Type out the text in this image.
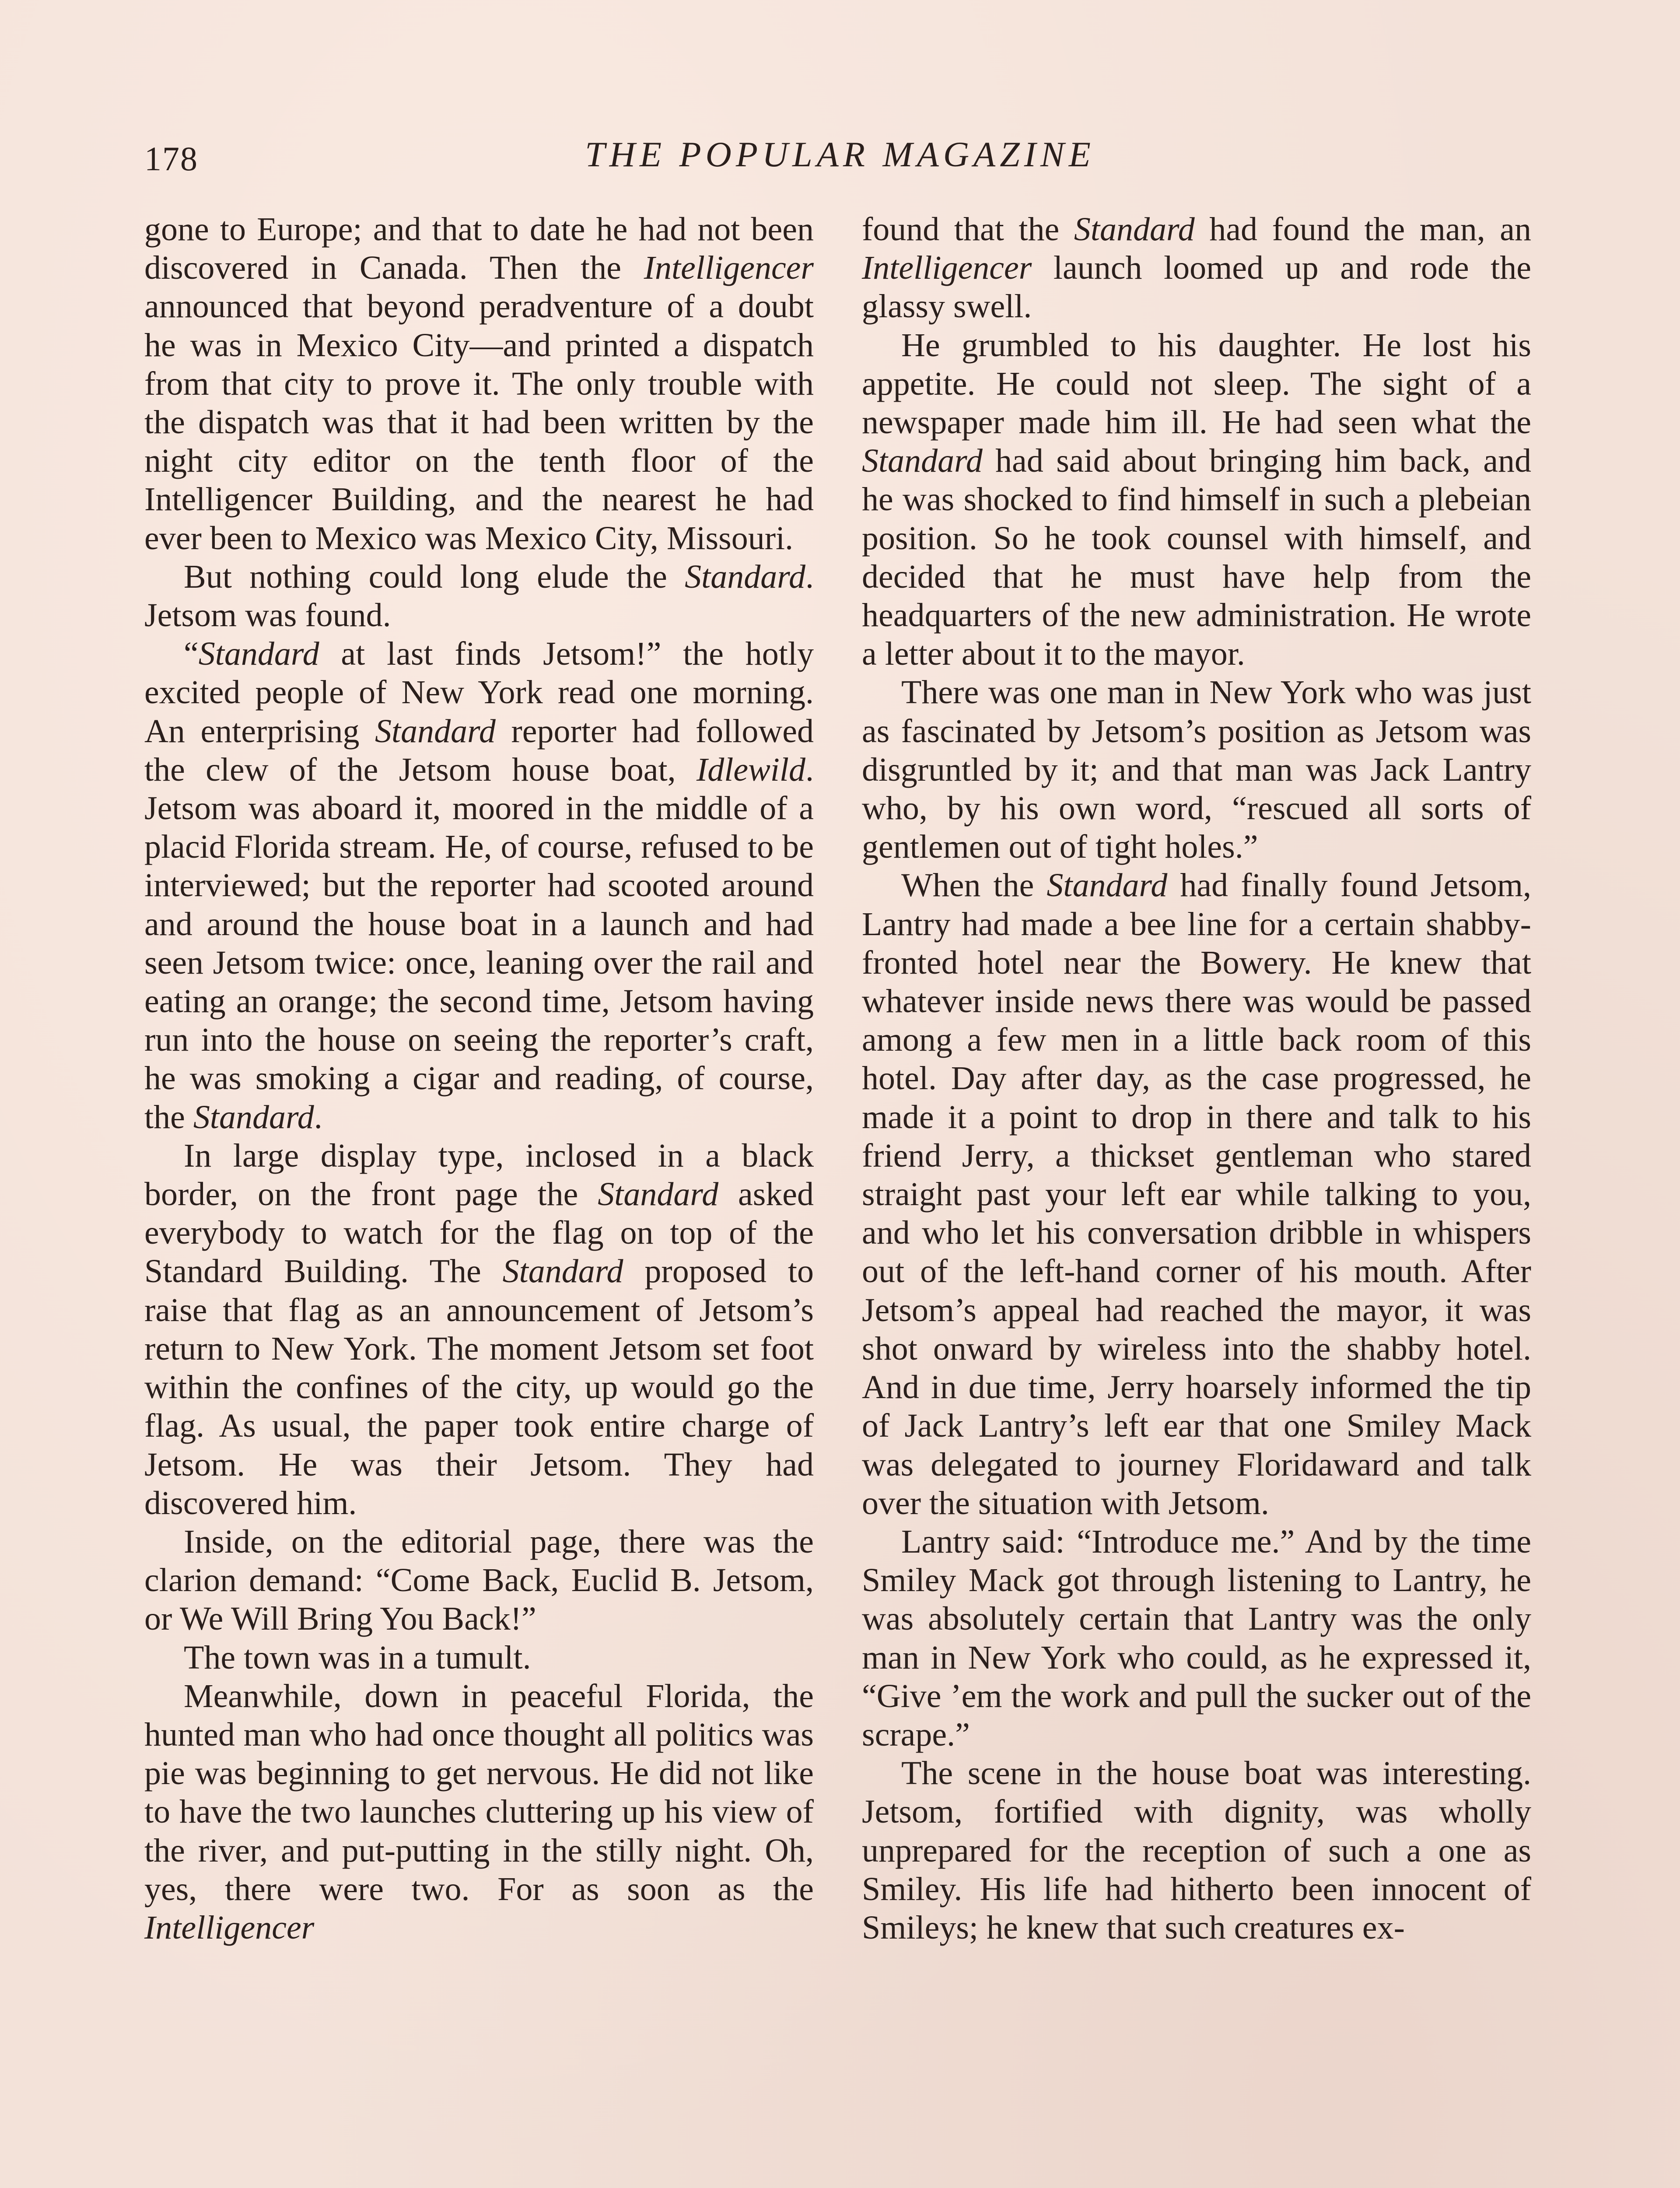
178	THE POPULAR MAGAZINE

gone to Europe; and that to date he had not been discovered in Canada. Then the Intelligencer announced that beyond peradventure of a doubt he was in Mexico City—and printed a dispatch from that city to prove it. The only trouble with the dispatch was that it had been written by the night city editor on the tenth floor of the Intelligencer Building, and the nearest he had ever been to Mexico was Mexico City, Missouri.

But nothing could long elude the Standard. Jetsom was found.

“Standard at last finds Jetsom!” the hotly excited people of New York read one morning. An enterprising Standard reporter had followed the clew of the Jetsom house boat, Idlewild. Jetsom was aboard it, moored in the middle of a placid Florida stream. He, of course, refused to be interviewed; but the reporter had scooted around and around the house boat in a launch and had seen Jetsom twice: once, leaning over the rail and eating an orange; the second time, Jetsom having run into the house on seeing the reporter’s craft, he was smoking a cigar and reading, of course, the Standard.

In large display type, inclosed in a black border, on the front page the Standard asked everybody to watch for the flag on top of the Standard Building. The Standard proposed to raise that flag as an announcement of Jetsom’s return to New York. The moment Jetsom set foot within the confines of the city, up would go the flag. As usual, the paper took entire charge of Jetsom. He was their Jetsom. They had discovered him.

Inside, on the editorial page, there was the clarion demand: “Come Back, Euclid B. Jetsom, or We Will Bring You Back!”

The town was in a tumult.

Meanwhile, down in peaceful Florida, the hunted man who had once thought all politics was pie was beginning to get nervous. He did not like to have the two launches cluttering up his view of the river, and put-putting in the stilly night. Oh, yes, there were two. For as soon as the Intelligencer

found that the Standard had found the man, an Intelligencer launch loomed up and rode the glassy swell.

He grumbled to his daughter. He lost his appetite. He could not sleep. The sight of a newspaper made him ill. He had seen what the Standard had said about bringing him back, and he was shocked to find himself in such a plebeian position. So he took counsel with himself, and decided that he must have help from the headquarters of the new administration. He wrote a letter about it to the mayor.

There was one man in New York who was just as fascinated by Jetsom’s position as Jetsom was disgruntled by it; and that man was Jack Lantry who, by his own word, “rescued all sorts of gentlemen out of tight holes.”

When the Standard had finally found Jetsom, Lantry had made a bee line for a certain shabby-fronted hotel near the Bowery. He knew that whatever inside news there was would be passed among a few men in a little back room of this hotel. Day after day, as the case progressed, he made it a point to drop in there and talk to his friend Jerry, a thickset gentleman who stared straight past your left ear while talking to you, and who let his conversation dribble in whispers out of the left-hand corner of his mouth. After Jetsom’s appeal had reached the mayor, it was shot onward by wireless into the shabby hotel. And in due time, Jerry hoarsely informed the tip of Jack Lantry’s left ear that one Smiley Mack was delegated to journey Floridaward and talk over the situation with Jetsom.

Lantry said: “Introduce me.” And by the time Smiley Mack got through listening to Lantry, he was absolutely certain that Lantry was the only man in New York who could, as he expressed it, “Give ’em the work and pull the sucker out of the scrape.”

The scene in the house boat was interesting. Jetsom, fortified with dignity, was wholly unprepared for the reception of such a one as Smiley. His life had hitherto been innocent of Smileys; he knew that such creatures ex-
